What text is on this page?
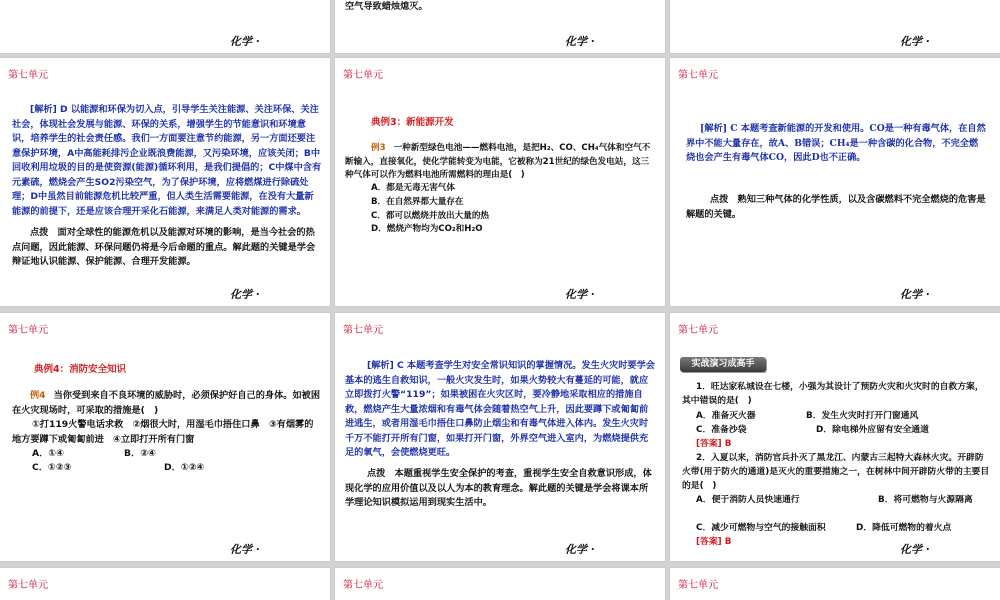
化学 ·
空气导致蜡烛熄灭。
化学 ·	化学 ·
第七单元
[解析] D 以能源和环保为切入点，引导学生关注能源、关注环保、关注社会，体现社会发展与能源、环保的关系，增强学生的节能意识和环境意识，培养学生的社会责任感。我们一方面要注意节约能源，另一方面还要注意保护环境，A中高能耗排污企业既浪费能源，又污染环境，应该关闭；B中回收利用垃圾的目的是使资源(能源)循环利用，是我们提倡的；C中煤中含有元素硫，燃烧会产生SO2污染空气，为了保护环境，应将燃煤进行除硫处理；D中虽然目前能源危机比较严重，但人类生活需要能源，在没有大量新能源的前提下，还是应该合理开采化石能源，来满足人类对能源的需求。
点拨　面对全球性的能源危机以及能源对环境的影响，是当今社会的热点问题，因此能源、环保问题仍将是今后命题的重点。解此题的关键是学会辩证地认识能源、保护能源、合理开发能源。
化学 ·
第七单元
典例3：新能源开发
例3 一种新型绿色电池——燃料电池，是把H₂、CO、CH₄气体和空气不断输入，直接氧化，使化学能转变为电能，它被称为21世纪的绿色发电站，这三种气体可以作为燃料电池所需燃料的理由是(　)
A．都是无毒无害气体
B．在自然界都大量存在
C．都可以燃烧并放出大量的热
D．燃烧产物均为CO₂和H₂O
化学 ·
第七单元
[解析] C 本题考查新能源的开发和使用。CO是一种有毒气体，在自然界中不能大量存在，故A、B错误；CH₄是一种含碳的化合物，不完全燃烧也会产生有毒气体CO，因此D也不正确。
点拨　熟知三种气体的化学性质，以及含碳燃料不完全燃烧的危害是解题的关键。
化学 ·
第七单元
典例4：消防安全知识
例4 当你受到来自不良环境的威胁时，必须保护好自己的身体。如被困在火灾现场时，可采取的措施是(　)
①打119火警电话求救　②烟很大时，用湿毛巾捂住口鼻　③有烟雾的地方要蹲下或匍匐前进　④立即打开所有门窗
A．①④	B．②④
C．①②③	D．①②④
化学 ·
第七单元
[解析] C 本题考查学生对安全常识知识的掌握情况。发生火灾时要学会基本的逃生自救知识，一般火灾发生时，如果火势较大有蔓延的可能，就应立即拨打火警“119”；如果被困在火灾区时，要冷静地采取相应的措施自救，燃烧产生大量浓烟和有毒气体会随着热空气上升，因此要蹲下或匍匐前进逃生，或者用湿毛巾捂住口鼻防止烟尘和有毒气体进入体内。发生火灾时千万不能打开所有门窗，如果打开门窗，外界空气进入室内，为燃烧提供充足的氧气，会使燃烧更旺。
点拨　本题重视学生安全保护的考查，重视学生安全自救意识形成，体现化学的应用价值以及以人为本的教育理念。解此题的关键是学会将课本所学理论知识模拟运用到现实生活中。
化学 ·
第七单元
实战演习成高手
1．旺达家私城设在七楼，小强为其设计了预防火灾和火灾时的自救方案，其中错误的是(　)
A．准备灭火器	B．发生火灾时打开门窗通风
C．准备沙袋	D．除电梯外应留有安全通道
[答案] B
2．入夏以来，消防官兵扑灭了黑龙江、内蒙古三起特大森林火灾。开辟防火带(用于防火的通道)是灭火的重要措施之一，在树林中间开辟防火带的主要目的是(　)
A．便于消防人员快速通行	B．将可燃物与火源隔离
C．减少可燃物与空气的接触面积	D．降低可燃物的着火点
[答案] B
化学 ·
第七单元	第七单元	第七单元
